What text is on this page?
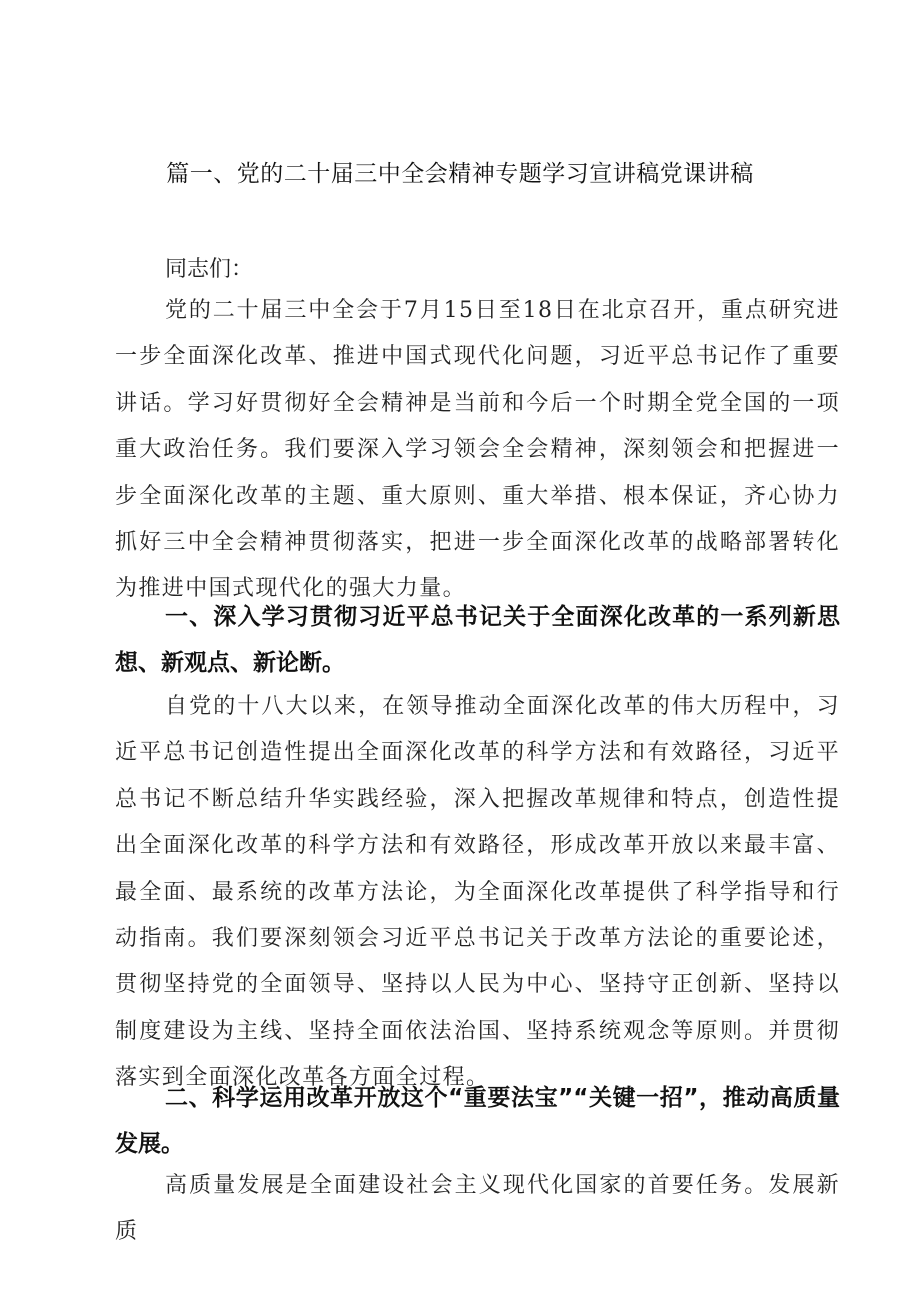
篇一、党的二十届三中全会精神专题学习宣讲稿党课讲稿

同志们：

党的二十届三中全会于7月15日至18日在北京召开，重点研究进一步全面深化改革、推进中国式现代化问题，习近平总书记作了重要讲话。学习好贯彻好全会精神是当前和今后一个时期全党全国的一项重大政治任务。我们要深入学习领会全会精神，深刻领会和把握进一步全面深化改革的主题、重大原则、重大举措、根本保证，齐心协力抓好三中全会精神贯彻落实，把进一步全面深化改革的战略部署转化为推进中国式现代化的强大力量。

一、深入学习贯彻习近平总书记关于全面深化改革的一系列新思想、新观点、新论断。

自党的十八大以来，在领导推动全面深化改革的伟大历程中，习近平总书记创造性提出全面深化改革的科学方法和有效路径，习近平总书记不断总结升华实践经验，深入把握改革规律和特点，创造性提出全面深化改革的科学方法和有效路径，形成改革开放以来最丰富、最全面、最系统的改革方法论，为全面深化改革提供了科学指导和行动指南。我们要深刻领会习近平总书记关于改革方法论的重要论述，贯彻坚持党的全面领导、坚持以人民为中心、坚持守正创新、坚持以制度建设为主线、坚持全面依法治国、坚持系统观念等原则。并贯彻落实到全面深化改革各方面全过程。

二、科学运用改革开放这个“重要法宝”“关键一招”，推动高质量发展。

高质量发展是全面建设社会主义现代化国家的首要任务。发展新质
